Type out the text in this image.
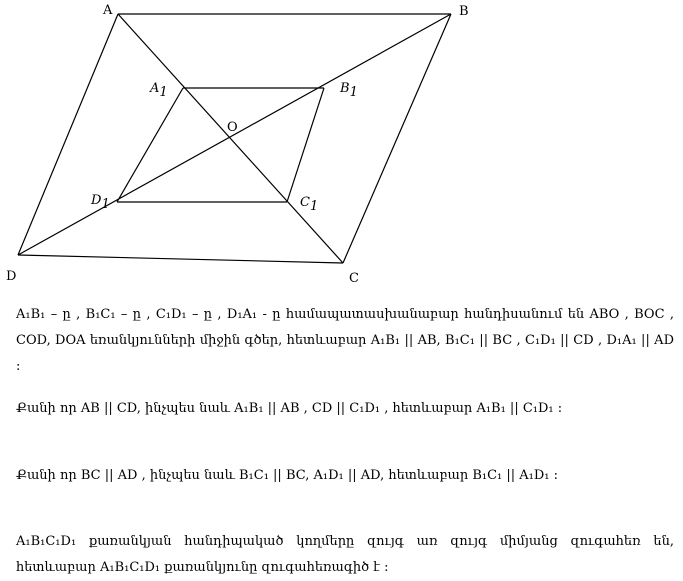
A	B
C
D
O
A1	B1
C1
D1

A₁B₁ – ը , B₁C₁ – ը , C₁D₁ – ը , D₁A₁ - ը համապատասխանաբար հանդիսանում են ABO , BOC , COD, DOA եռանկյունների միջին գծեր, հետևաբար A₁B₁ || AB, B₁C₁ || BC , C₁D₁ || CD , D₁A₁ || AD :

Քանի որ AB || CD, ինչպես նաև A₁B₁ || AB , CD || C₁D₁ , հետևաբար A₁B₁ || C₁D₁ :

Քանի որ BC || AD , ինչպես նաև B₁C₁ || BC, A₁D₁ || AD, հետևաբար B₁C₁ || A₁D₁ :

A₁B₁C₁D₁ քառանկյան հանդիպակած կողմերը զույգ առ զույգ միմյանց զուգահեռ են, հետևաբար A₁B₁C₁D₁ քառանկյունը զուգահեռագիծ է :
